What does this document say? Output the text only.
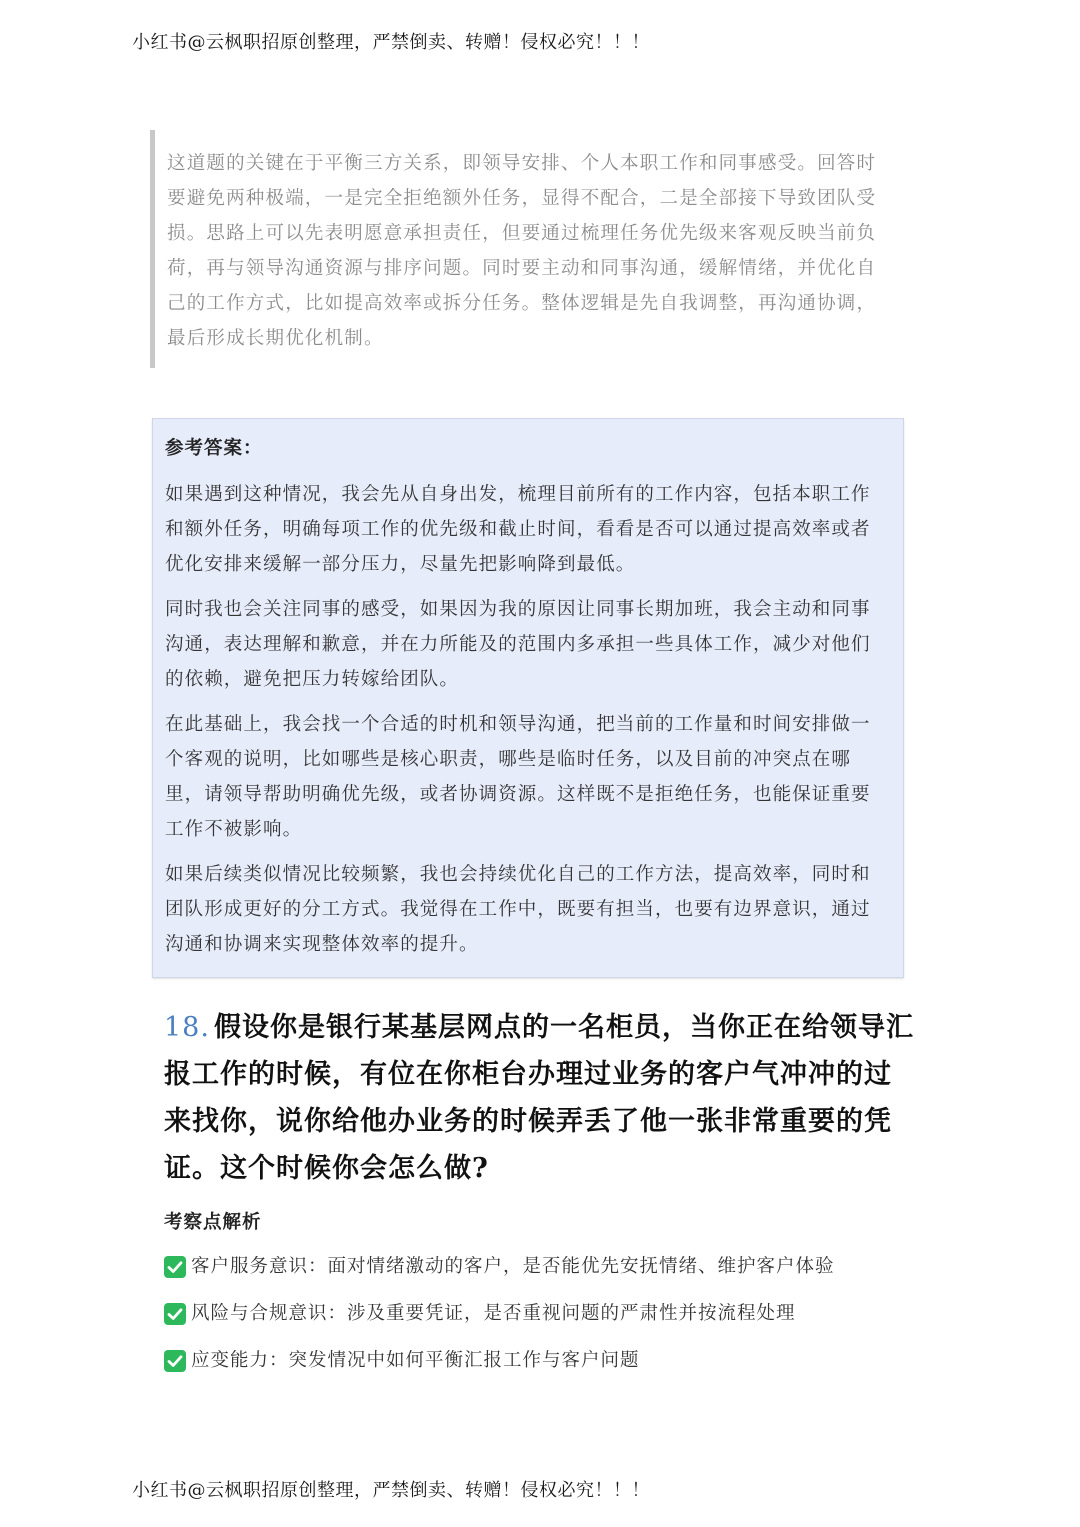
小红书@云枫职招原创整理，严禁倒卖、转赠！侵权必究！！！

这道题的关键在于平衡三方关系，即领导安排、个人本职工作和同事感受。回答时要避免两种极端，一是完全拒绝额外任务，显得不配合，二是全部接下导致团队受损。思路上可以先表明愿意承担责任，但要通过梳理任务优先级来客观反映当前负荷，再与领导沟通资源与排序问题。同时要主动和同事沟通，缓解情绪，并优化自己的工作方式，比如提高效率或拆分任务。整体逻辑是先自我调整，再沟通协调，最后形成长期优化机制。

参考答案：

如果遇到这种情况，我会先从自身出发，梳理目前所有的工作内容，包括本职工作和额外任务，明确每项工作的优先级和截止时间，看看是否可以通过提高效率或者优化安排来缓解一部分压力，尽量先把影响降到最低。

同时我也会关注同事的感受，如果因为我的原因让同事长期加班，我会主动和同事沟通，表达理解和歉意，并在力所能及的范围内多承担一些具体工作，减少对他们的依赖，避免把压力转嫁给团队。

在此基础上，我会找一个合适的时机和领导沟通，把当前的工作量和时间安排做一个客观的说明，比如哪些是核心职责，哪些是临时任务，以及目前的冲突点在哪里，请领导帮助明确优先级，或者协调资源。这样既不是拒绝任务，也能保证重要工作不被影响。

如果后续类似情况比较频繁，我也会持续优化自己的工作方法，提高效率，同时和团队形成更好的分工方式。我觉得在工作中，既要有担当，也要有边界意识，通过沟通和协调来实现整体效率的提升。

18. 假设你是银行某基层网点的一名柜员，当你正在给领导汇报工作的时候，有位在你柜台办理过业务的客户气冲冲的过来找你，说你给他办业务的时候弄丢了他一张非常重要的凭证。这个时候你会怎么做?

考察点解析

客户服务意识：面对情绪激动的客户，是否能优先安抚情绪、维护客户体验
风险与合规意识：涉及重要凭证，是否重视问题的严肃性并按流程处理
应变能力：突发情况中如何平衡汇报工作与客户问题
小红书@云枫职招原创整理，严禁倒卖、转赠！侵权必究！！！
